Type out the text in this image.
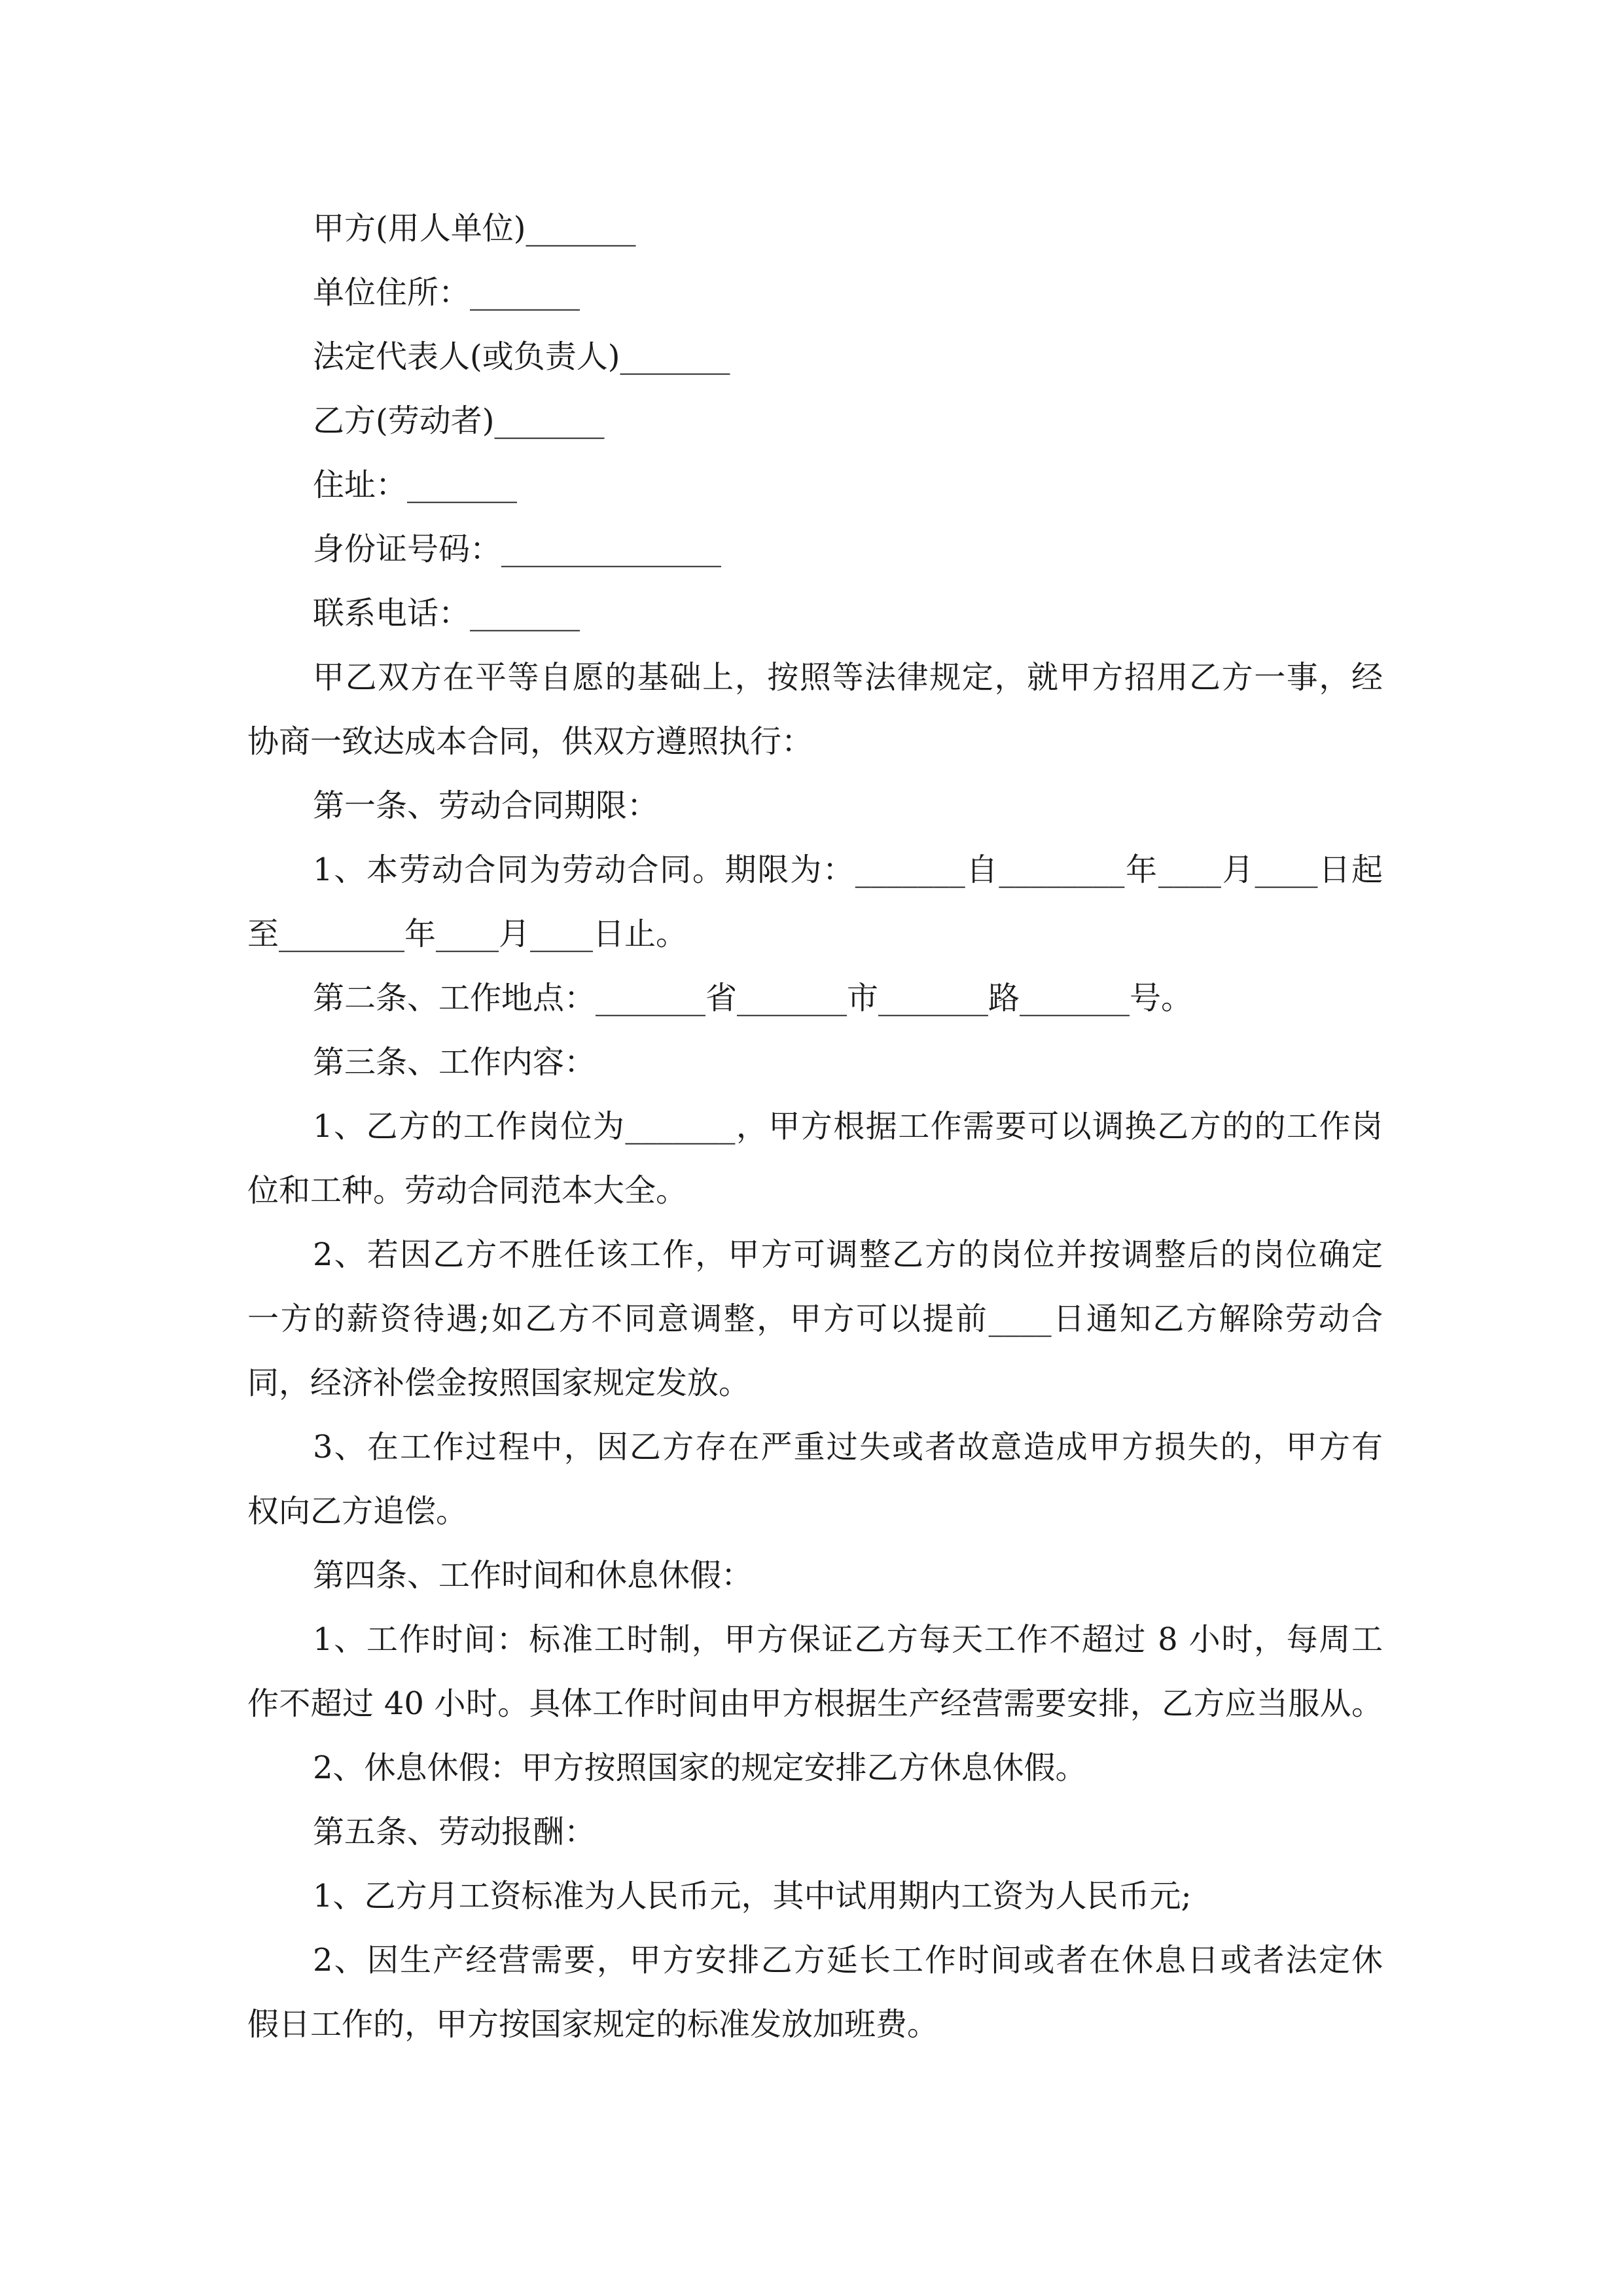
甲方(用人单位)_______
单位住所：_______
法定代表人(或负责人)_______
乙方(劳动者)_______
住址：_______
身份证号码：______________
联系电话：_______
甲乙双方在平等自愿的基础上，按照等法律规定，就甲方招用乙方一事，经
协商一致达成本合同，供双方遵照执行：
第一条、劳动合同期限：
1、本劳动合同为劳动合同。期限为：_______自________年____月____日起
至________年____月____日止。
第二条、工作地点：_______省_______市_______路_______号。
第三条、工作内容：
1、乙方的工作岗位为_______，甲方根据工作需要可以调换乙方的的工作岗
位和工种。劳动合同范本大全。
2、若因乙方不胜任该工作，甲方可调整乙方的岗位并按调整后的岗位确定
一方的薪资待遇;如乙方不同意调整，甲方可以提前____日通知乙方解除劳动合
同，经济补偿金按照国家规定发放。
3、在工作过程中，因乙方存在严重过失或者故意造成甲方损失的，甲方有
权向乙方追偿。
第四条、工作时间和休息休假：
1、工作时间：标准工时制，甲方保证乙方每天工作不超过 8 小时，每周工
作不超过 40 小时。具体工作时间由甲方根据生产经营需要安排，乙方应当服从。
2、休息休假：甲方按照国家的规定安排乙方休息休假。
第五条、劳动报酬：
1、乙方月工资标准为人民币元，其中试用期内工资为人民币元;
2、因生产经营需要，甲方安排乙方延长工作时间或者在休息日或者法定休
假日工作的，甲方按国家规定的标准发放加班费。
